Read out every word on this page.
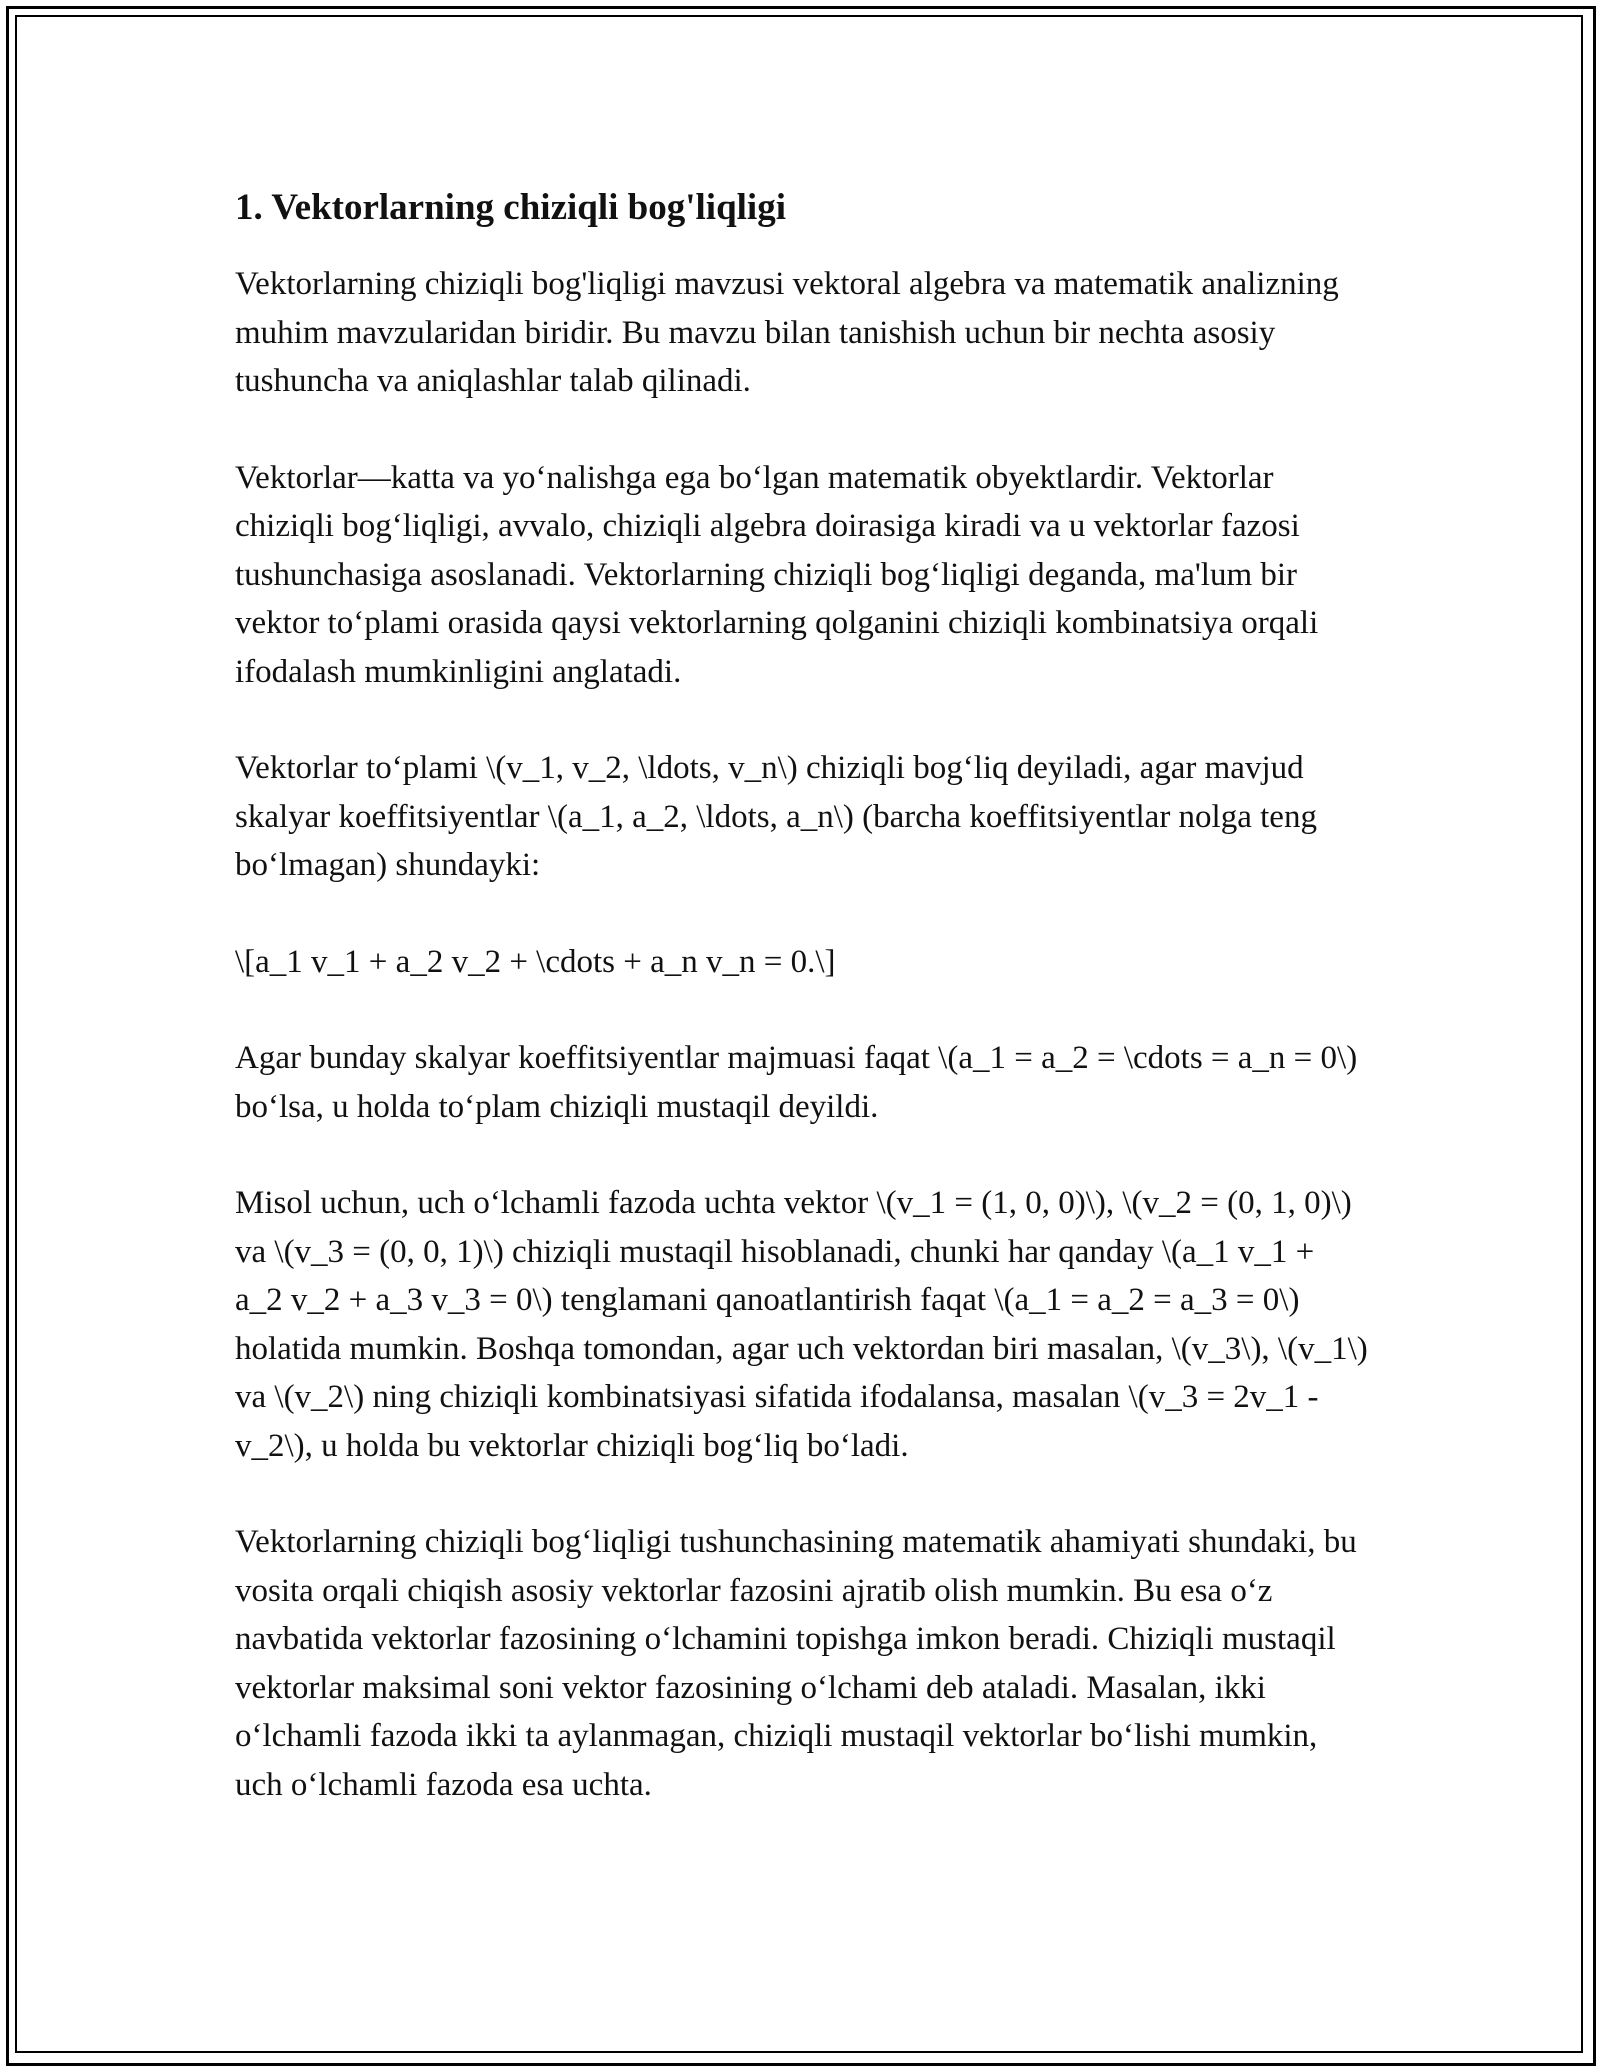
1. Vektorlarning chiziqli bog'liqligi

Vektorlarning chiziqli bog'liqligi mavzusi vektoral algebra va matematik analizning muhim mavzularidan biridir. Bu mavzu bilan tanishish uchun bir nechta asosiy tushuncha va aniqlashlar talab qilinadi.

Vektorlar—katta va yo‘nalishga ega bo‘lgan matematik obyektlardir. Vektorlar chiziqli bog‘liqligi, avvalo, chiziqli algebra doirasiga kiradi va u vektorlar fazosi tushunchasiga asoslanadi. Vektorlarning chiziqli bog‘liqligi deganda, ma'lum bir vektor to‘plami orasida qaysi vektorlarning qolganini chiziqli kombinatsiya orqali ifodalash mumkinligini anglatadi.

Vektorlar to‘plami \(v_1, v_2, \ldots, v_n\) chiziqli bog‘liq deyiladi, agar mavjud skalyar koeffitsiyentlar \(a_1, a_2, \ldots, a_n\) (barcha koeffitsiyentlar nolga teng bo‘lmagan) shundayki:

\[a_1 v_1 + a_2 v_2 + \cdots + a_n v_n = 0.\]

Agar bunday skalyar koeffitsiyentlar majmuasi faqat \(a_1 = a_2 = \cdots = a_n = 0\) bo‘lsa, u holda to‘plam chiziqli mustaqil deyildi.

Misol uchun, uch o‘lchamli fazoda uchta vektor \(v_1 = (1, 0, 0)\), \(v_2 = (0, 1, 0)\) va \(v_3 = (0, 0, 1)\) chiziqli mustaqil hisoblanadi, chunki har qanday \(a_1 v_1 + a_2 v_2 + a_3 v_3 = 0\) tenglamani qanoatlantirish faqat \(a_1 = a_2 = a_3 = 0\) holatida mumkin. Boshqa tomondan, agar uch vektordan biri masalan, \(v_3\), \(v_1\) va \(v_2\) ning chiziqli kombinatsiyasi sifatida ifodalansa, masalan \(v_3 = 2v_1 - v_2\), u holda bu vektorlar chiziqli bog‘liq bo‘ladi.

Vektorlarning chiziqli bog‘liqligi tushunchasining matematik ahamiyati shundaki, bu vosita orqali chiqish asosiy vektorlar fazosini ajratib olish mumkin. Bu esa o‘z navbatida vektorlar fazosining o‘lchamini topishga imkon beradi. Chiziqli mustaqil vektorlar maksimal soni vektor fazosining o‘lchami deb ataladi. Masalan, ikki o‘lchamli fazoda ikki ta aylanmagan, chiziqli mustaqil vektorlar bo‘lishi mumkin, uch o‘lchamli fazoda esa uchta.
